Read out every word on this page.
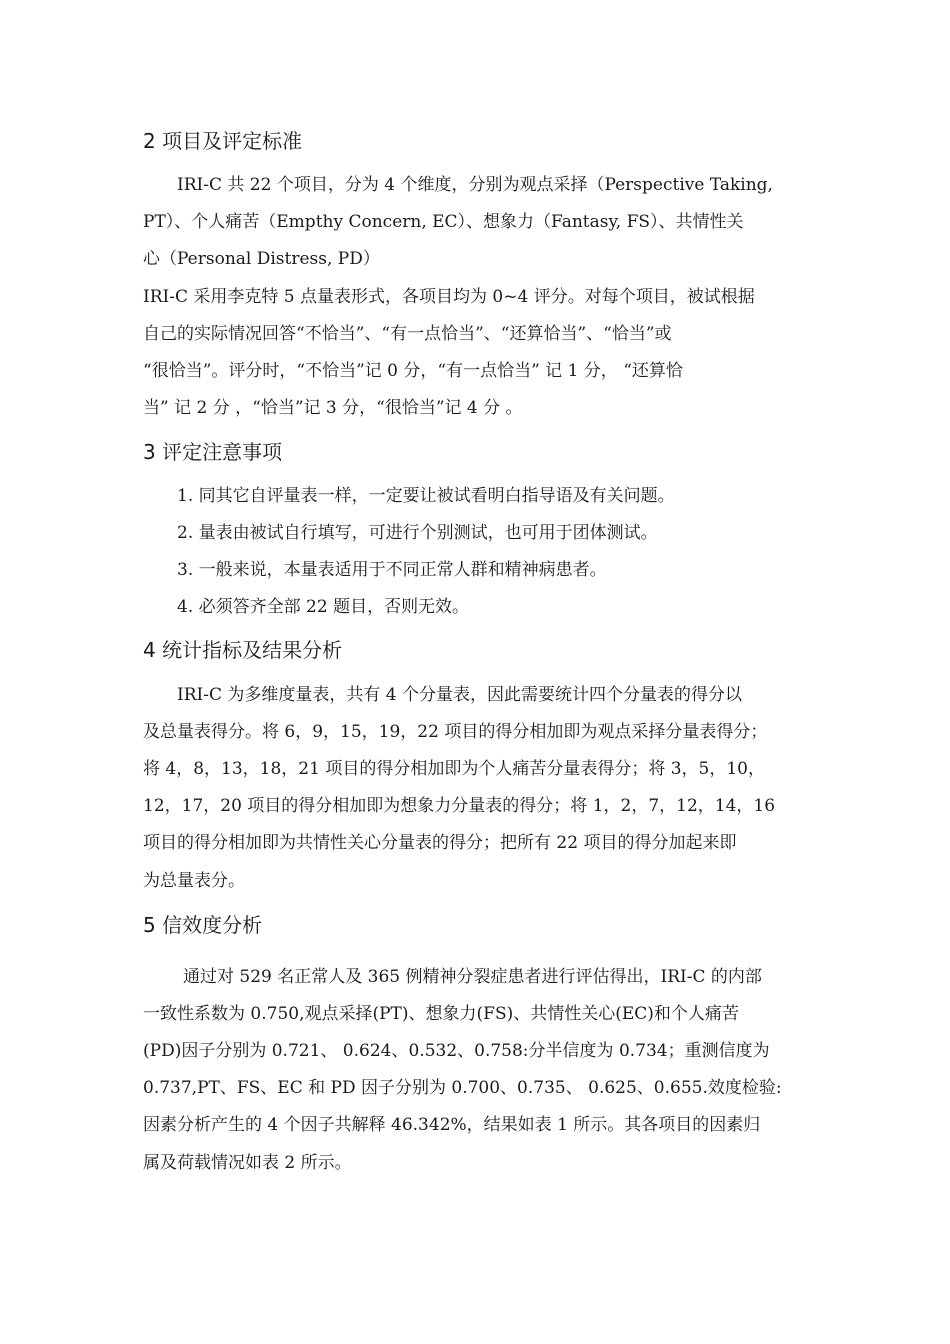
2 项目及评定标准
IRI-C 共 22 个项目，分为 4 个维度，分别为观点采择（Perspective Taking,
PT）、个人痛苦（Empthy Concern, EC）、想象力（Fantasy, FS）、共情性关
心（Personal Distress, PD）
IRI-C 采用李克特 5 点量表形式，各项目均为 0~4 评分。对每个项目，被试根据
自己的实际情况回答“不恰当”、“有一点恰当”、“还算恰当”、“恰当”或
“很恰当”。评分时，“不恰当”记 0 分，“有一点恰当” 记 1 分， “还算恰
当” 记 2 分 ，“恰当”记 3 分，“很恰当”记 4 分 。
3 评定注意事项
1. 同其它自评量表一样，一定要让被试看明白指导语及有关问题。
2. 量表由被试自行填写，可进行个别测试，也可用于团体测试。
3. 一般来说，本量表适用于不同正常人群和精神病患者。
4. 必须答齐全部 22 题目，否则无效。
4 统计指标及结果分析
IRI-C 为多维度量表，共有 4 个分量表，因此需要统计四个分量表的得分以
及总量表得分。将 6，9，15，19，22 项目的得分相加即为观点采择分量表得分；
将 4，8，13，18，21 项目的得分相加即为个人痛苦分量表得分；将 3，5，10，
12，17，20 项目的得分相加即为想象力分量表的得分；将 1，2，7，12，14，16
项目的得分相加即为共情性关心分量表的得分；把所有 22 项目的得分加起来即
为总量表分。
5 信效度分析
通过对 529 名正常人及 365 例精神分裂症患者进行评估得出，IRI-C 的内部
一致性系数为 0.750,观点采择(PT)、想象力(FS)、共情性关心(EC)和个人痛苦
(PD)因子分别为 0.721、 0.624、0.532、0.758:分半信度为 0.734；重测信度为
0.737,PT、FS、EC 和 PD 因子分别为 0.700、0.735、 0.625、0.655.效度检验:
因素分析产生的 4 个因子共解释 46.342%，结果如表 1 所示。其各项目的因素归
属及荷载情况如表 2 所示。
